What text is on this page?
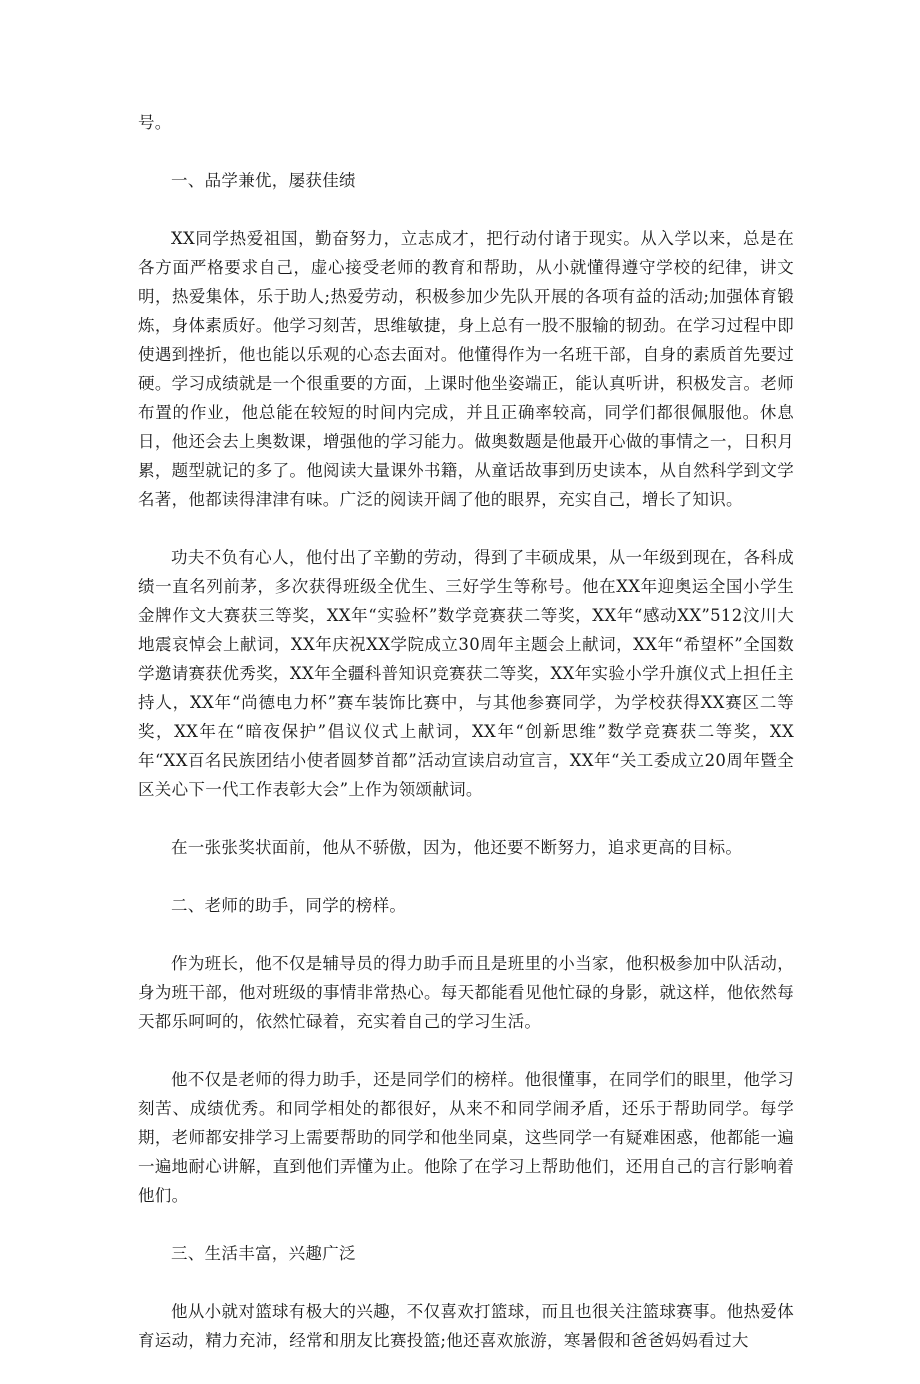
号。

一、品学兼优，屡获佳绩

XX同学热爱祖国，勤奋努力，立志成才，把行动付诸于现实。从入学以来，总是在各方面严格要求自己，虚心接受老师的教育和帮助，从小就懂得遵守学校的纪律，讲文明，热爱集体，乐于助人;热爱劳动，积极参加少先队开展的各项有益的活动;加强体育锻炼，身体素质好。他学习刻苦，思维敏捷，身上总有一股不服输的韧劲。在学习过程中即使遇到挫折，他也能以乐观的心态去面对。他懂得作为一名班干部，自身的素质首先要过硬。学习成绩就是一个很重要的方面，上课时他坐姿端正，能认真听讲，积极发言。老师布置的作业，他总能在较短的时间内完成，并且正确率较高，同学们都很佩服他。休息日，他还会去上奥数课，增强他的学习能力。做奥数题是他最开心做的事情之一，日积月累，题型就记的多了。他阅读大量课外书籍，从童话故事到历史读本，从自然科学到文学名著，他都读得津津有味。广泛的阅读开阔了他的眼界，充实自己，增长了知识。

功夫不负有心人，他付出了辛勤的劳动，得到了丰硕成果，从一年级到现在，各科成绩一直名列前茅，多次获得班级全优生、三好学生等称号。他在XX年迎奥运全国小学生金牌作文大赛获三等奖，XX年“实验杯”数学竞赛获二等奖，XX年“感动XX”512汶川大地震哀悼会上献词，XX年庆祝XX学院成立30周年主题会上献词，XX年“希望杯”全国数学邀请赛获优秀奖，XX年全疆科普知识竞赛获二等奖，XX年实验小学升旗仪式上担任主持人，XX年“尚德电力杯”赛车装饰比赛中，与其他参赛同学，为学校获得XX赛区二等奖，XX年在“暗夜保护”倡议仪式上献词，XX年“创新思维”数学竞赛获二等奖，XX年“XX百名民族团结小使者圆梦首都”活动宣读启动宣言，XX年“关工委成立20周年暨全区关心下一代工作表彰大会”上作为领颂献词。

在一张张奖状面前，他从不骄傲，因为，他还要不断努力，追求更高的目标。

二、老师的助手，同学的榜样。

作为班长，他不仅是辅导员的得力助手而且是班里的小当家，他积极参加中队活动，身为班干部，他对班级的事情非常热心。每天都能看见他忙碌的身影，就这样，他依然每天都乐呵呵的，依然忙碌着，充实着自己的学习生活。

他不仅是老师的得力助手，还是同学们的榜样。他很懂事，在同学们的眼里，他学习刻苦、成绩优秀。和同学相处的都很好，从来不和同学闹矛盾，还乐于帮助同学。每学期，老师都安排学习上需要帮助的同学和他坐同桌，这些同学一有疑难困惑，他都能一遍一遍地耐心讲解，直到他们弄懂为止。他除了在学习上帮助他们，还用自己的言行影响着他们。

三、生活丰富，兴趣广泛

他从小就对篮球有极大的兴趣，不仅喜欢打篮球，而且也很关注篮球赛事。他热爱体育运动，精力充沛，经常和朋友比赛投篮;他还喜欢旅游，寒暑假和爸爸妈妈看过大
